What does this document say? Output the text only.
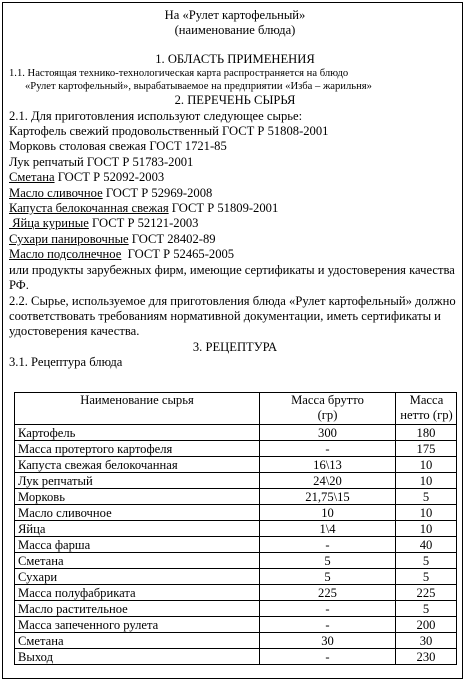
На «Рулет картофельный»
(наименование блюда)
1. ОБЛАСТЬ ПРИМЕНЕНИЯ
1.1. Настоящая технико-технологическая карта распространяется на блюдо
«Рулет картофельный», вырабатываемое на предприятии «Изба – жарильня»
2. ПЕРЕЧЕНЬ СЫРЬЯ
2.1. Для приготовления используют следующее сырье:
Картофель свежий продовольственный ГОСТ Р 51808-2001
Морковь столовая свежая ГОСТ 1721-85
Лук репчатый ГОСТ Р 51783-2001
Сметана ГОСТ Р 52092-2003
Масло сливочное ГОСТ Р 52969-2008
Капуста белокочанная свежая ГОСТ Р 51809-2001
Яйца куриные ГОСТ Р 52121-2003
Сухари панировочные ГОСТ 28402-89
Масло подсолнечное  ГОСТ Р 52465-2005
или продукты зарубежных фирм, имеющие сертификаты и удостоверения качества РФ.
2.2. Сырье, используемое для приготовления блюда «Рулет картофельный» должно соответствовать требованиям нормативной документации, иметь сертификаты и удостоверения качества.
3. РЕЦЕПТУРА
3.1. Рецептура блюда
Наименование сырья	Масса брутто (гр)	Масса нетто (гр)
Картофель	300	180
Масса протертого картофеля	-	175
Капуста свежая белокочанная	16\13	10
Лук репчатый	24\20	10
Морковь	21,75\15	5
Масло сливочное	10	10
Яйца	1\4	10
Масса фарша	-	40
Сметана	5	5
Сухари	5	5
Масса полуфабриката	225	225
Масло растительное	-	5
Масса запеченного рулета	-	200
Сметана	30	30
Выход	-	230
